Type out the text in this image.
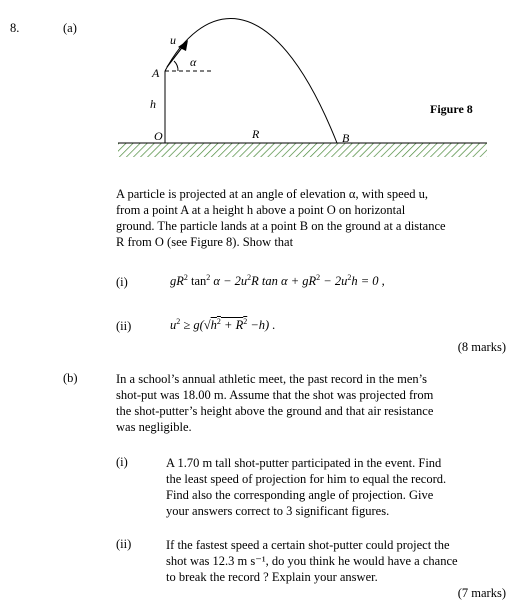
8.	(a)
u
α
A
h
O	R	B
Figure 8
A particle is projected at an angle of elevation α, with speed u,
from a point A at a height h above a point O on horizontal
ground. The particle lands at a point B on the ground at a distance
R from O (see Figure 8). Show that
(i)	$gR^2$ $\tan^2 \alpha - 2u^2R$ $\tan \alpha + gR^2 - 2u^2h = 0$ ,
(ii)	$u^2 \ge g(√h^2 + R^2 -h)$ .
(8 marks)
(b)	In a school’s annual athletic meet, the past record in the men’s
shot-put was 18.00 m. Assume that the shot was projected from
the shot-putter’s height above the ground and that air resistance
was negligible.
(i)	A 1.70 m tall shot-putter participated in the event. Find
the least speed of projection for him to equal the record.
Find also the corresponding angle of projection. Give
your answers correct to 3 significant figures.
(ii)	If the fastest speed a certain shot-putter could project the
shot was 12.3 m s⁻¹, do you think he would have a chance
to break the record ? Explain your answer.
(7 marks)
